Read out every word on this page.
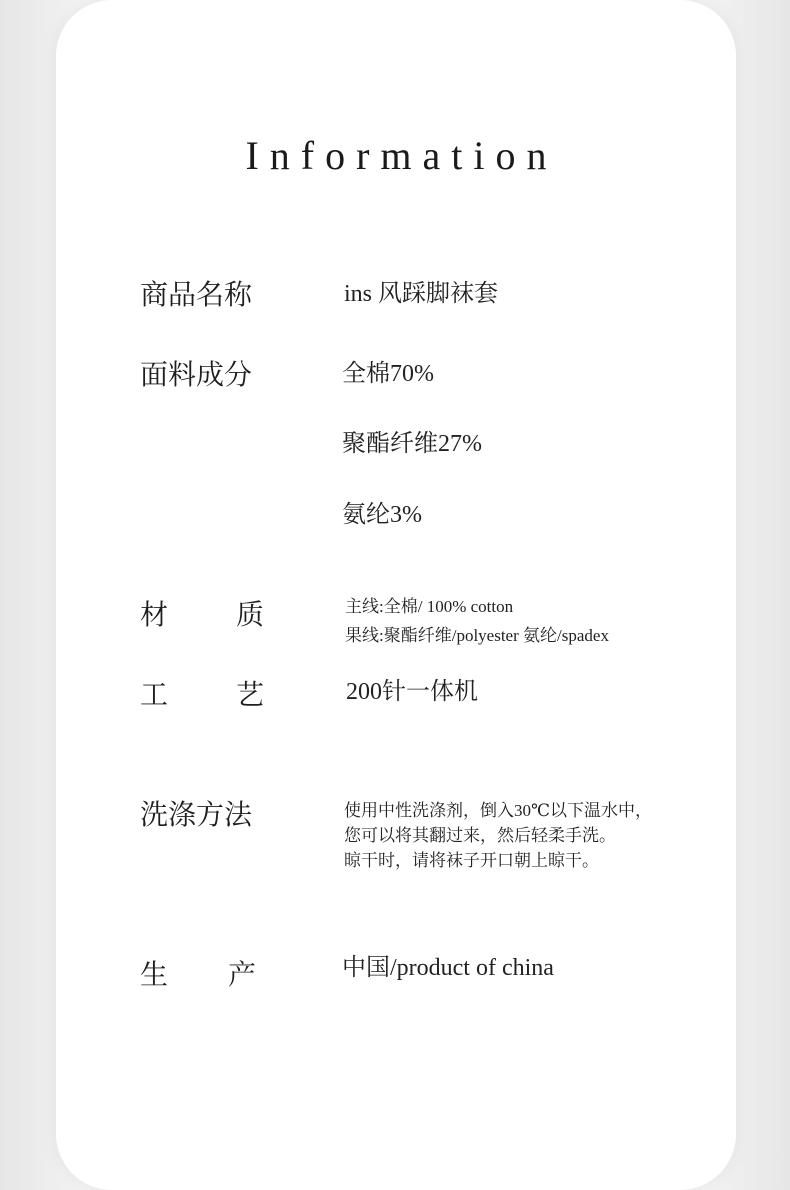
Information
商品名称	ins 风踩脚袜套
面料成分	全棉70%
聚酯纤维27%
氨纶3%
材 质	主线:全棉/ 100% cotton
果线:聚酯纤维/polyester 氨纶/spadex
工 艺	200针一体机
洗涤方法	使用中性洗涤剂，倒入30℃以下温水中，
您可以将其翻过来，然后轻柔手洗。
晾干时，请将袜子开口朝上晾干。
生 产	中国/product of china
